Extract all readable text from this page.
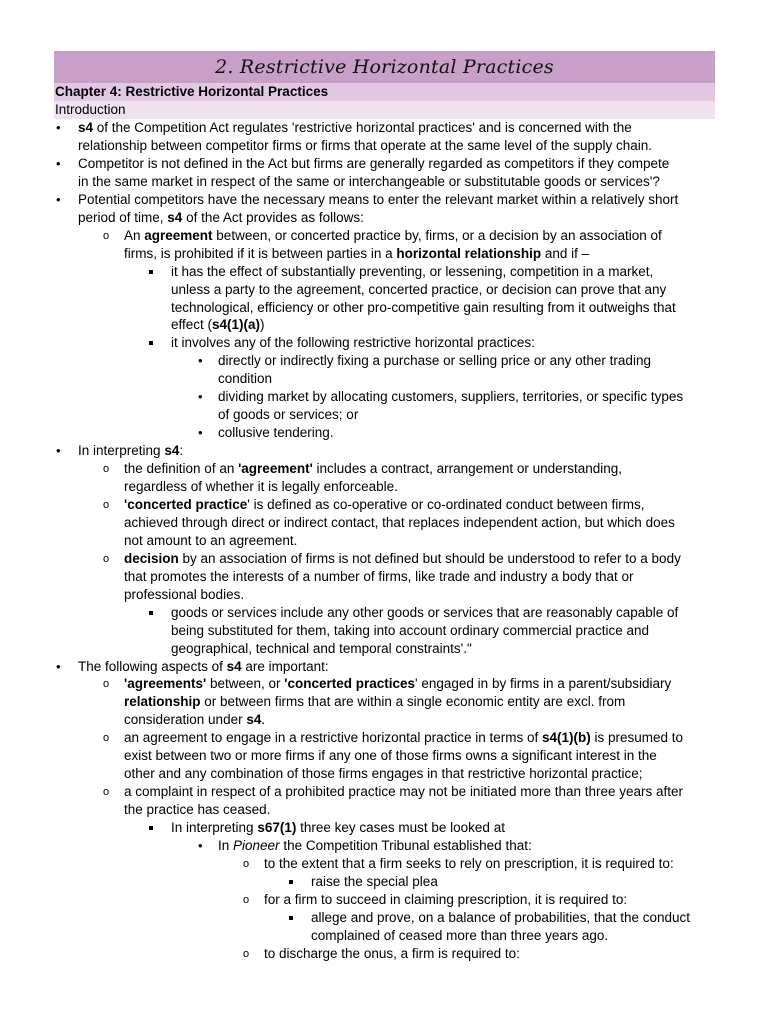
2. Restrictive Horizontal Practices
Chapter 4: Restrictive Horizontal Practices
Introduction
• s4 of the Competition Act regulates 'restrictive horizontal practices' and is concerned with the
relationship between competitor firms or firms that operate at the same level of the supply chain.
• Competitor is not defined in the Act but firms are generally regarded as competitors if they compete
in the same market in respect of the same or interchangeable or substitutable goods or services'?
• Potential competitors have the necessary means to enter the relevant market within a relatively short
period of time, s4 of the Act provides as follows:
o An agreement between, or concerted practice by, firms, or a decision by an association of
firms, is prohibited if it is between parties in a horizontal relationship and if –
it has the effect of substantially preventing, or lessening, competition in a market,
unless a party to the agreement, concerted practice, or decision can prove that any
technological, efficiency or other pro-competitive gain resulting from it outweighs that
effect (s4(1)(a))
it involves any of the following restrictive horizontal practices:
• directly or indirectly fixing a purchase or selling price or any other trading
condition
• dividing market by allocating customers, suppliers, territories, or specific types
of goods or services; or
• collusive tendering.
• In interpreting s4:
o the definition of an 'agreement' includes a contract, arrangement or understanding,
regardless of whether it is legally enforceable.
o 'concerted practice' is defined as co-operative or co-ordinated conduct between firms,
achieved through direct or indirect contact, that replaces independent action, but which does
not amount to an agreement.
o decision by an association of firms is not defined but should be understood to refer to a body
that promotes the interests of a number of firms, like trade and industry a body that or
professional bodies.
goods or services include any other goods or services that are reasonably capable of
being substituted for them, taking into account ordinary commercial practice and
geographical, technical and temporal constraints'."
• The following aspects of s4 are important:
o 'agreements' between, or 'concerted practices' engaged in by firms in a parent/subsidiary
relationship or between firms that are within a single economic entity are excl. from
consideration under s4.
o an agreement to engage in a restrictive horizontal practice in terms of s4(1)(b) is presumed to
exist between two or more firms if any one of those firms owns a significant interest in the
other and any combination of those firms engages in that restrictive horizontal practice;
o a complaint in respect of a prohibited practice may not be initiated more than three years after
the practice has ceased.
In interpreting s67(1) three key cases must be looked at
• In Pioneer the Competition Tribunal established that:
o to the extent that a firm seeks to rely on prescription, it is required to:
raise the special plea
o for a firm to succeed in claiming prescription, it is required to:
allege and prove, on a balance of probabilities, that the conduct
complained of ceased more than three years ago.
o to discharge the onus, a firm is required to:
